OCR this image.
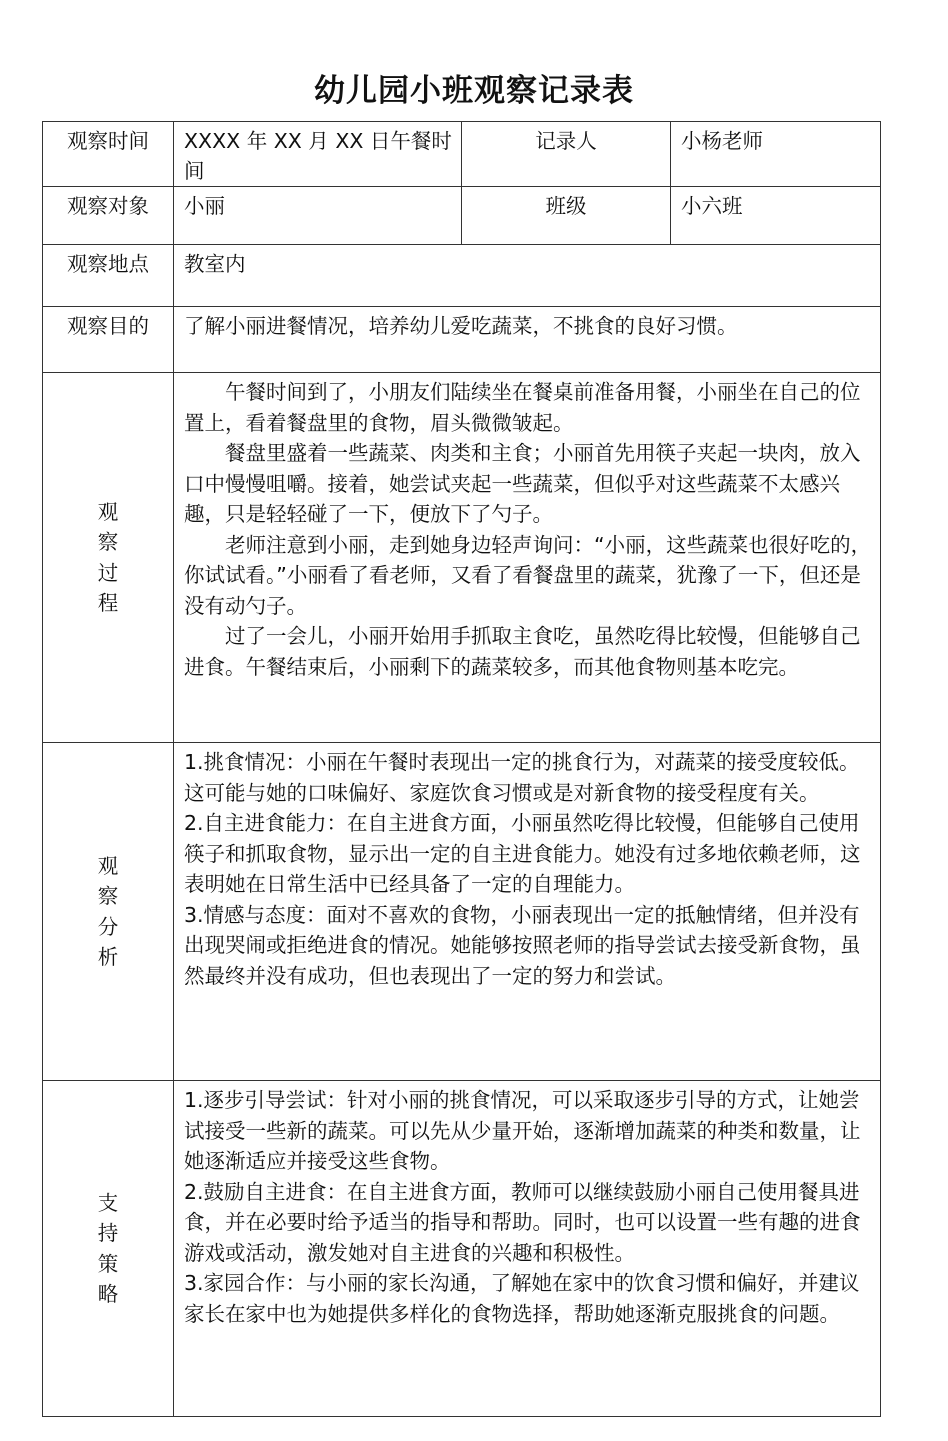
幼儿园小班观察记录表
观察时间	XXXX 年 XX 月 XX 日午餐时间	记录人	小杨老师
观察对象	小丽	班级	小六班
观察地点	教室内		
观察目的	了解小丽进餐情况，培养幼儿爱吃蔬菜，不挑食的良好习惯。		
观察过程	午餐时间到了，小朋友们陆续坐在餐桌前准备用餐，小丽坐在自己的位置上，看着餐盘里的食物，眉头微微皱起。

餐盘里盛着一些蔬菜、肉类和主食；小丽首先用筷子夹起一块肉，放入口中慢慢咀嚼。接着，她尝试夹起一些蔬菜，但似乎对这些蔬菜不太感兴趣，只是轻轻碰了一下，便放下了勺子。

老师注意到小丽，走到她身边轻声询问：“小丽，这些蔬菜也很好吃的，你试试看。”小丽看了看老师，又看了看餐盘里的蔬菜，犹豫了一下，但还是没有动勺子。

过了一会儿，小丽开始用手抓取主食吃，虽然吃得比较慢，但能够自己进食。午餐结束后，小丽剩下的蔬菜较多，而其他食物则基本吃完。		

观察分析	1.挑食情况：小丽在午餐时表现出一定的挑食行为，对蔬菜的接受度较低。这可能与她的口味偏好、家庭饮食习惯或是对新食物的接受程度有关。

2.自主进食能力：在自主进食方面，小丽虽然吃得比较慢，但能够自己使用筷子和抓取食物，显示出一定的自主进食能力。她没有过多地依赖老师，这表明她在日常生活中已经具备了一定的自理能力。

3.情感与态度：面对不喜欢的食物，小丽表现出一定的抵触情绪，但并没有出现哭闹或拒绝进食的情况。她能够按照老师的指导尝试去接受新食物，虽然最终并没有成功，但也表现出了一定的努力和尝试。		

支持策略	1.逐步引导尝试：针对小丽的挑食情况，可以采取逐步引导的方式，让她尝试接受一些新的蔬菜。可以先从少量开始，逐渐增加蔬菜的种类和数量，让她逐渐适应并接受这些食物。

2.鼓励自主进食：在自主进食方面，教师可以继续鼓励小丽自己使用餐具进食，并在必要时给予适当的指导和帮助。同时，也可以设置一些有趣的进食游戏或活动，激发她对自主进食的兴趣和积极性。

3.家园合作：与小丽的家长沟通，了解她在家中的饮食习惯和偏好，并建议家长在家中也为她提供多样化的食物选择，帮助她逐渐克服挑食的问题。		
